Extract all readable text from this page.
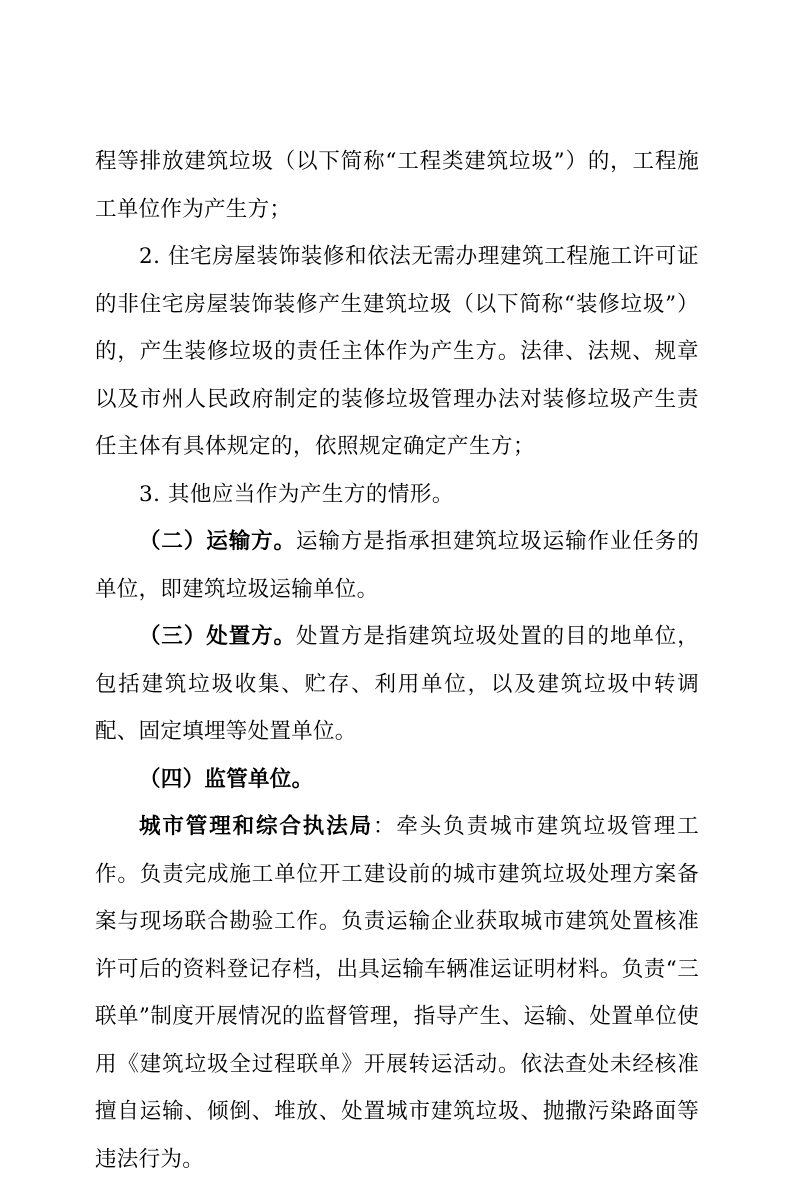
程等排放建筑垃圾（以下简称“工程类建筑垃圾”）的，工程施工单位作为产生方；

2. 住宅房屋装饰装修和依法无需办理建筑工程施工许可证的非住宅房屋装饰装修产生建筑垃圾（以下简称“装修垃圾”）的，产生装修垃圾的责任主体作为产生方。法律、法规、规章以及市州人民政府制定的装修垃圾管理办法对装修垃圾产生责任主体有具体规定的，依照规定确定产生方；

3. 其他应当作为产生方的情形。

（二）运输方。运输方是指承担建筑垃圾运输作业任务的单位，即建筑垃圾运输单位。

（三）处置方。处置方是指建筑垃圾处置的目的地单位，包括建筑垃圾收集、贮存、利用单位，以及建筑垃圾中转调配、固定填埋等处置单位。

（四）监管单位。

城市管理和综合执法局：牵头负责城市建筑垃圾管理工作。负责完成施工单位开工建设前的城市建筑垃圾处理方案备案与现场联合勘验工作。负责运输企业获取城市建筑处置核准许可后的资料登记存档，出具运输车辆准运证明材料。负责“三联单”制度开展情况的监督管理，指导产生、运输、处置单位使用《建筑垃圾全过程联单》开展转运活动。依法查处未经核准擅自运输、倾倒、堆放、处置城市建筑垃圾、抛撒污染路面等违法行为。
